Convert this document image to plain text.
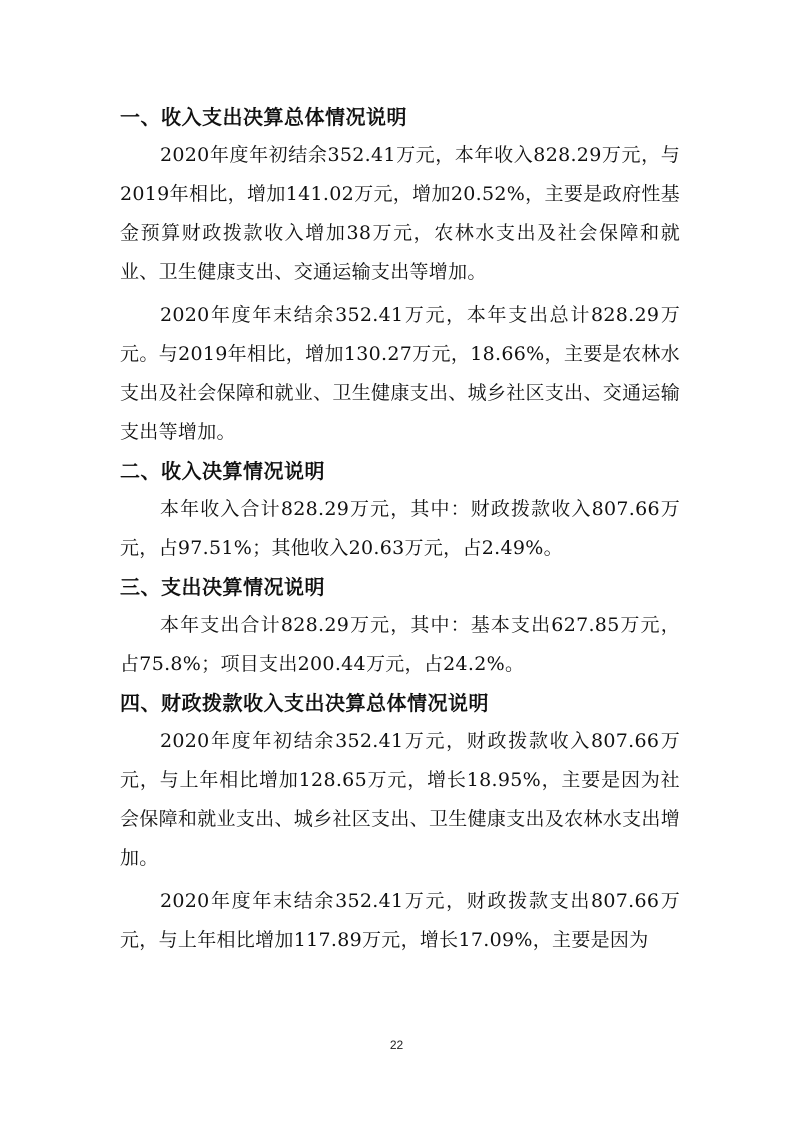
一、收入支出决算总体情况说明

2020年度年初结余352.41万元，本年收入828.29万元，与2019年相比，增加141.02万元，增加20.52%，主要是政府性基金预算财政拨款收入增加38万元，农林水支出及社会保障和就业、卫生健康支出、交通运输支出等增加。

2020年度年末结余352.41万元，本年支出总计828.29万元。与2019年相比，增加130.27万元，18.66%，主要是农林水支出及社会保障和就业、卫生健康支出、城乡社区支出、交通运输支出等增加。

二、收入决算情况说明

本年收入合计828.29万元，其中：财政拨款收入807.66万元，占97.51%；其他收入20.63万元，占2.49%。

三、支出决算情况说明

本年支出合计828.29万元，其中：基本支出627.85万元，占75.8%；项目支出200.44万元，占24.2%。

四、财政拨款收入支出决算总体情况说明

2020年度年初结余352.41万元，财政拨款收入807.66万元，与上年相比增加128.65万元，增长18.95%，主要是因为社会保障和就业支出、城乡社区支出、卫生健康支出及农林水支出增加。

2020年度年末结余352.41万元，财政拨款支出807.66万元，与上年相比增加117.89万元，增长17.09%，主要是因为

22
